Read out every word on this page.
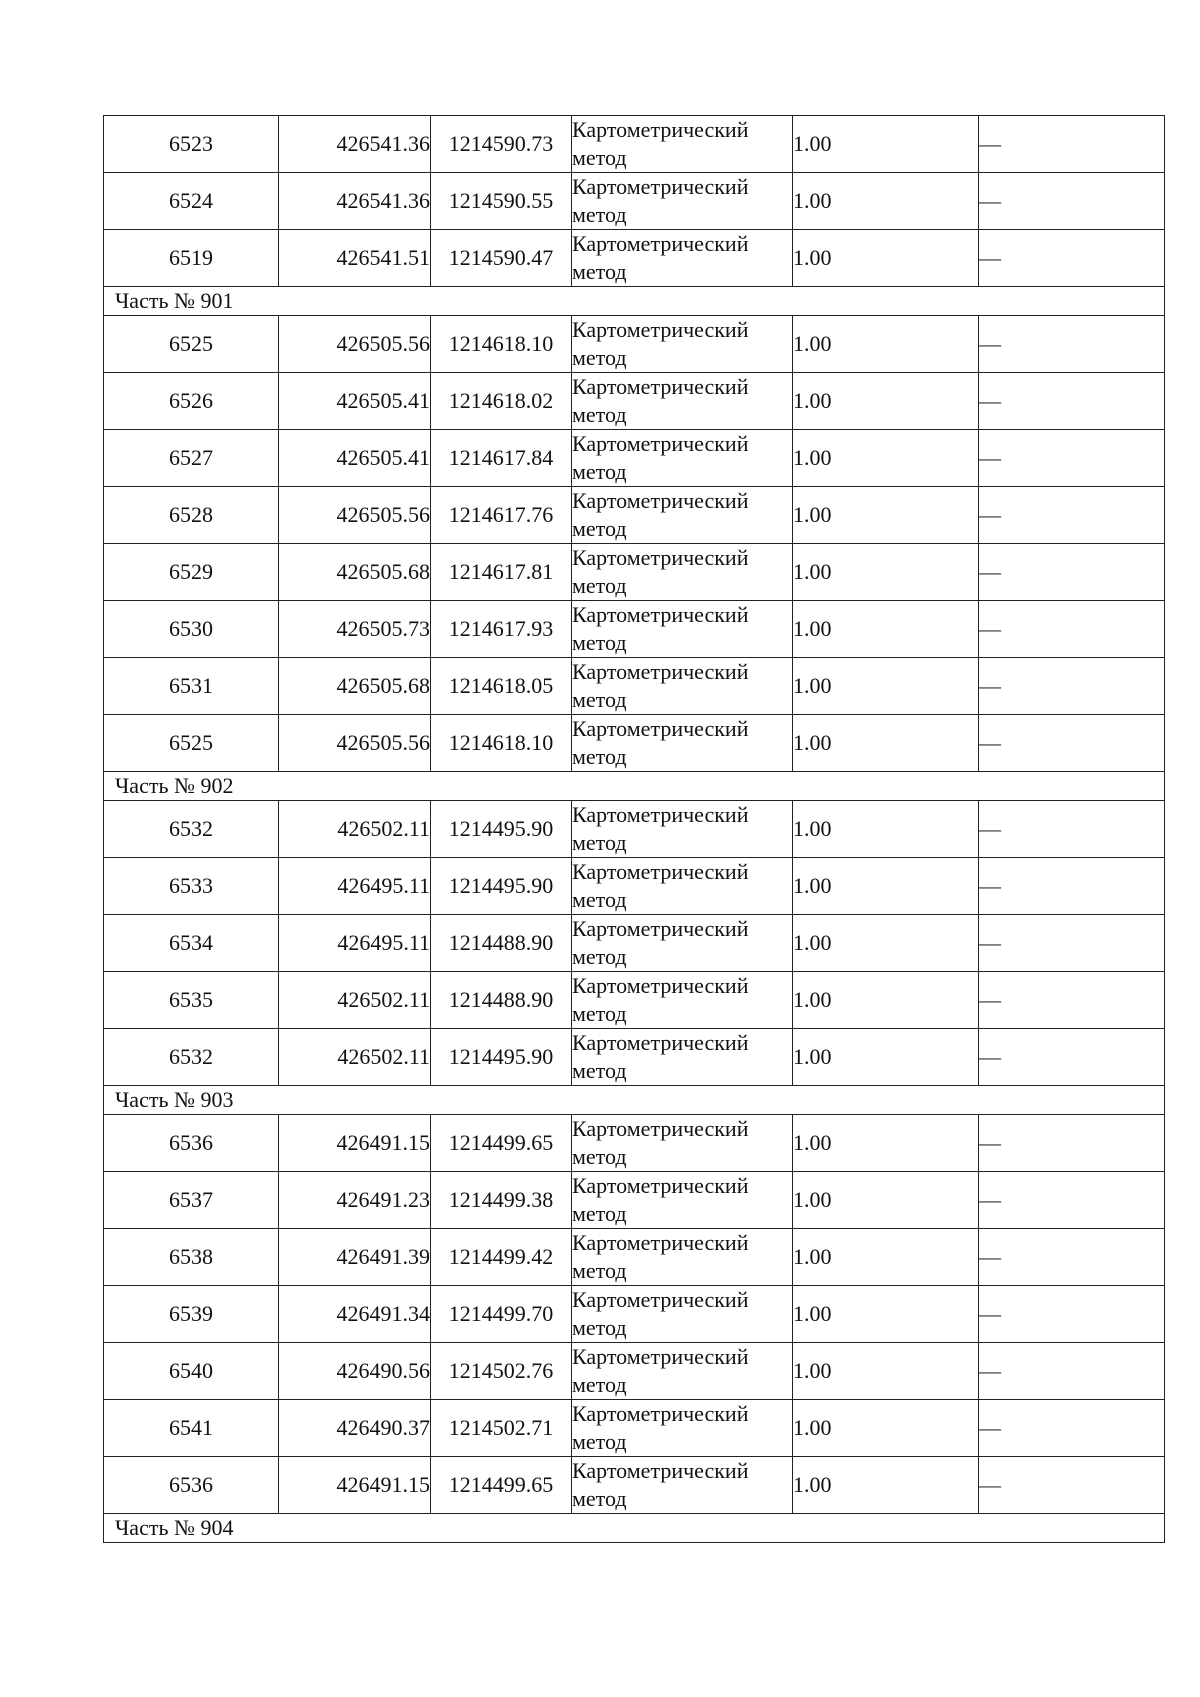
6523	426541.36	1214590.73	Картометрический
метод	1.00	—
6524	426541.36	1214590.55	Картометрический
метод	1.00	—
6519	426541.51	1214590.47	Картометрический
метод	1.00	—
Часть № 901					
6525	426505.56	1214618.10	Картометрический
метод	1.00	—
6526	426505.41	1214618.02	Картометрический
метод	1.00	—
6527	426505.41	1214617.84	Картометрический
метод	1.00	—
6528	426505.56	1214617.76	Картометрический
метод	1.00	—
6529	426505.68	1214617.81	Картометрический
метод	1.00	—
6530	426505.73	1214617.93	Картометрический
метод	1.00	—
6531	426505.68	1214618.05	Картометрический
метод	1.00	—
6525	426505.56	1214618.10	Картометрический
метод	1.00	—
Часть № 902					
6532	426502.11	1214495.90	Картометрический
метод	1.00	—
6533	426495.11	1214495.90	Картометрический
метод	1.00	—
6534	426495.11	1214488.90	Картометрический
метод	1.00	—
6535	426502.11	1214488.90	Картометрический
метод	1.00	—
6532	426502.11	1214495.90	Картометрический
метод	1.00	—
Часть № 903					
6536	426491.15	1214499.65	Картометрический
метод	1.00	—
6537	426491.23	1214499.38	Картометрический
метод	1.00	—
6538	426491.39	1214499.42	Картометрический
метод	1.00	—
6539	426491.34	1214499.70	Картометрический
метод	1.00	—
6540	426490.56	1214502.76	Картометрический
метод	1.00	—
6541	426490.37	1214502.71	Картометрический
метод	1.00	—
6536	426491.15	1214499.65	Картометрический
метод	1.00	—
Часть № 904					
